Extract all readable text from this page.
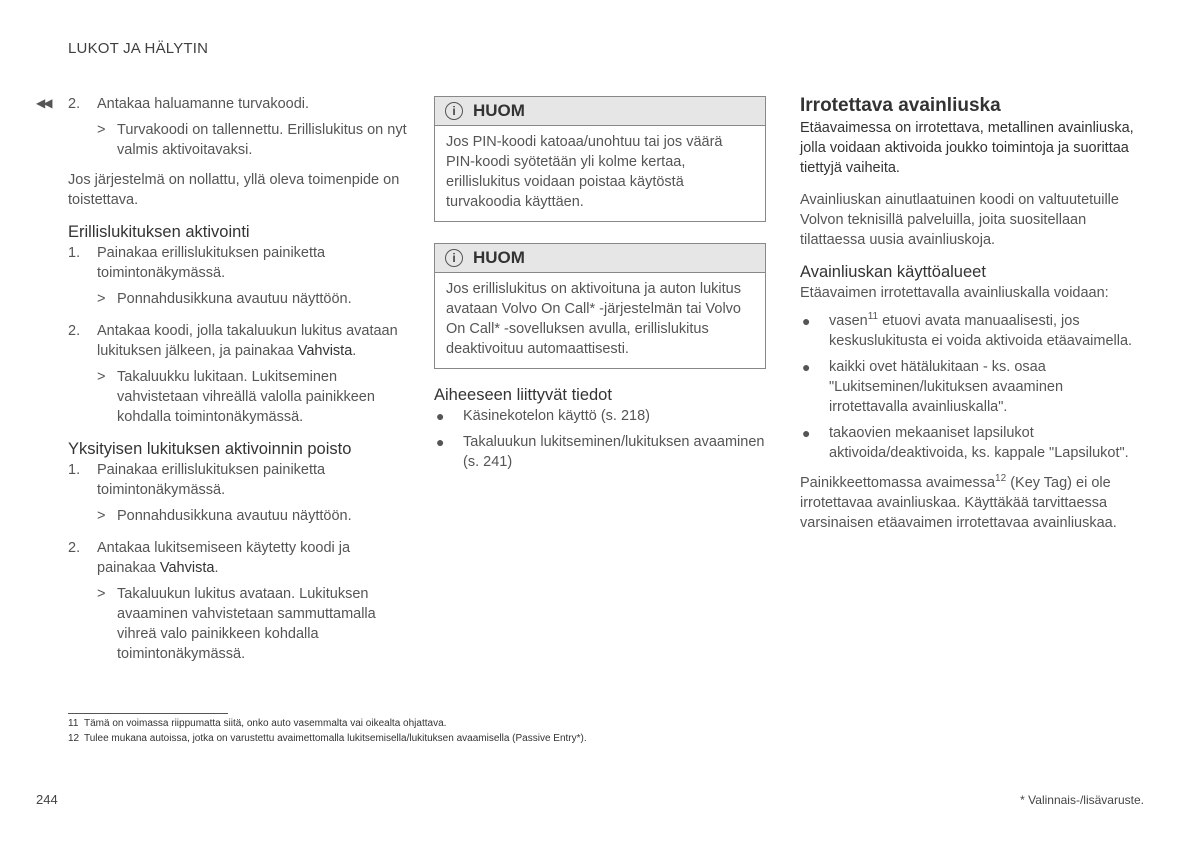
LUKOT JA HÄLYTIN
◀◀ 2. Antakaa haluamanne turvakoodi.
> Turvakoodi on tallennettu. Erillislukitus on nyt valmis aktivoitavaksi.

Jos järjestelmä on nollattu, yllä oleva toimenpide on toistettava.

Erillislukituksen aktivointi
1. Painakaa erillislukituksen painiketta toimintonäkymässä.
> Ponnahdusikkuna avautuu näyttöön.
2. Antakaa koodi, jolla takaluukun lukitus avataan lukituksen jälkeen, ja painakaa Vahvista.
> Takaluukku lukitaan. Lukitseminen vahvistetaan vihreällä valolla painikkeen kohdalla toimintonäkymässä.
Yksityisen lukituksen aktivoinnin poisto
1. Painakaa erillislukituksen painiketta toimintonäkymässä.
> Ponnahdusikkuna avautuu näyttöön.
2. Antakaa lukitsemiseen käytetty koodi ja painakaa Vahvista.
> Takaluukun lukitus avataan. Lukituksen avaaminen vahvistetaan sammuttamalla vihreä valo painikkeen kohdalla toimintonäkymässä.
i	HUOM
Jos PIN-koodi katoaa/unohtuu tai jos väärä PIN-koodi syötetään yli kolme kertaa, erillislukitus voidaan poistaa käytöstä turvakoodia käyttäen.
i	HUOM
Jos erillislukitus on aktivoituna ja auton lukitus avataan Volvo On Call* -järjestelmän tai Volvo On Call* -sovelluksen avulla, erillislukitus deaktivoituu automaattisesti.
Aiheeseen liittyvät tiedot
● Käsinekotelon käyttö (s. 218)
● Takaluukun lukitseminen/lukituksen avaaminen (s. 241)
Irrotettava avainliuska

Etäavaimessa on irrotettava, metallinen avainliuska, jolla voidaan aktivoida joukko toimintoja ja suorittaa tiettyjä vaiheita.

Avainliuskan ainutlaatuinen koodi on valtuutetuille Volvon teknisillä palveluilla, joita suositellaan tilattaessa uusia avainliuskoja.

Avainliuskan käyttöalueet

Etäavaimen irrotettavalla avainliuskalla voidaan:

● vasen$^{11}$ etuovi avata manuaalisesti, jos keskuslukitusta ei voida aktivoida etäavaimella.
● kaikki ovet hätälukitaan - ks. osaa "Lukitseminen/lukituksen avaaminen irrotettavalla avainliuskalla".
● takaovien mekaaniset lapsilukot aktivoida/deaktivoida, ks. kappale "Lapsilukot".

Painikkeettomassa avaimessa$^{12}$ (Key Tag) ei ole irrotettavaa avainliuskaa. Käyttäkää tarvittaessa varsinaisen etäavaimen irrotettavaa avainliuskaa.

11 Tämä on voimassa riippumatta siitä, onko auto vasemmalta vai oikealta ohjattava.
12 Tulee mukana autoissa, jotka on varustettu avaimettomalla lukitsemisella/lukituksen avaamisella (Passive Entry*).
244	* Valinnais-/lisävaruste.
